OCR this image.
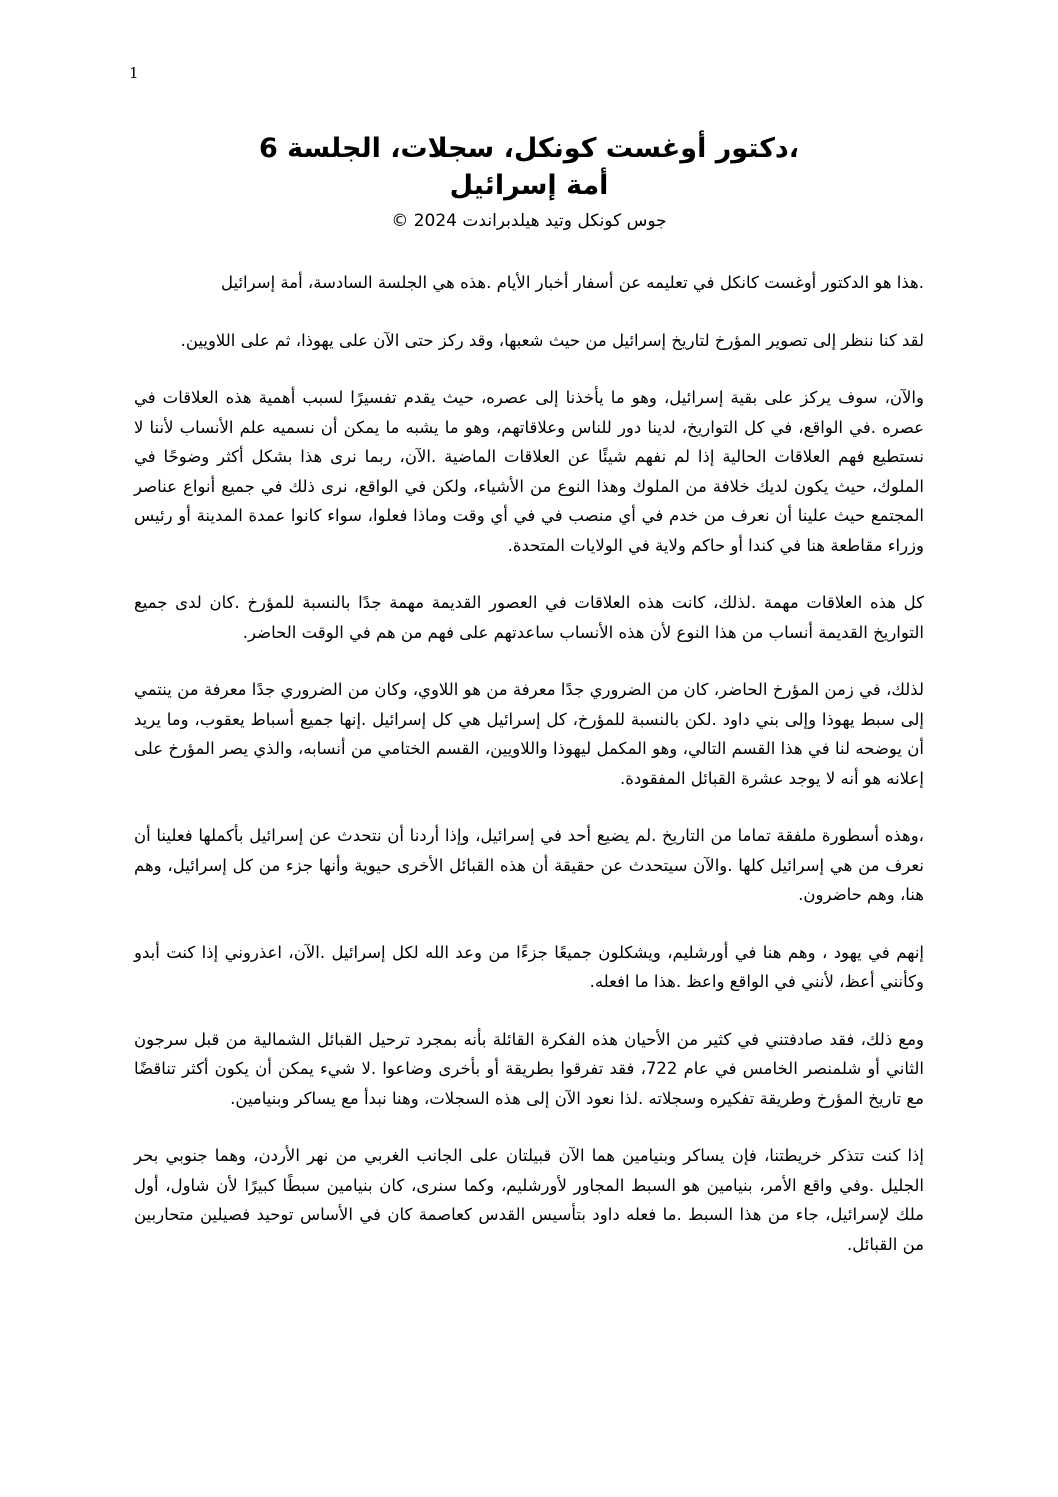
1
،دكتور أوغست كونكل، سجلات، الجلسة 6
أمة إسرائيل
جوس كونكل وتيد هيلدبراندت 2024 ©

.هذا هو الدكتور أوغست كانكل في تعليمه عن أسفار أخبار الأيام .هذه هي الجلسة السادسة، أمة إسرائيل

لقد كنا ننظر إلى تصوير المؤرخ لتاريخ إسرائيل من حيث شعبها، وقد ركز حتى الآن على يهوذا، ثم على اللاويين.

والآن، سوف يركز على بقية إسرائيل، وهو ما يأخذنا إلى عصره، حيث يقدم تفسيرًا لسبب أهمية هذه العلاقات في عصره .في الواقع، في كل التواريخ، لدينا دور للناس وعلاقاتهم، وهو ما يشبه ما يمكن أن نسميه علم الأنساب لأننا لا نستطيع فهم العلاقات الحالية إذا لم نفهم شيئًا عن العلاقات الماضية .الآن، ربما نرى هذا بشكل أكثر وضوحًا في الملوك، حيث يكون لديك خلافة من الملوك وهذا النوع من الأشياء، ولكن في الواقع، نرى ذلك في جميع أنواع عناصر المجتمع حيث علينا أن نعرف من خدم في أي منصب في في أي وقت وماذا فعلوا، سواء كانوا عمدة المدينة أو رئيس وزراء مقاطعة هنا في كندا أو حاكم ولاية في الولايات المتحدة.

كل هذه العلاقات مهمة .لذلك، كانت هذه العلاقات في العصور القديمة مهمة جدًا بالنسبة للمؤرخ .كان لدى جميع التواريخ القديمة أنساب من هذا النوع لأن هذه الأنساب ساعدتهم على فهم من هم في الوقت الحاضر.

لذلك، في زمن المؤرخ الحاضر، كان من الضروري جدًا معرفة من هو اللاوي، وكان من الضروري جدًا معرفة من ينتمي إلى سبط يهوذا وإلى بني داود .لكن بالنسبة للمؤرخ، كل إسرائيل هي كل إسرائيل .إنها جميع أسباط يعقوب، وما يريد أن يوضحه لنا في هذا القسم التالي، وهو المكمل ليهوذا واللاويين، القسم الختامي من أنسابه، والذي يصر المؤرخ على إعلانه هو أنه لا يوجد عشرة القبائل المفقودة.

،وهذه أسطورة ملفقة تماما من التاريخ .لم يضيع أحد في إسرائيل، وإذا أردنا أن نتحدث عن إسرائيل بأكملها فعلينا أن نعرف من هي إسرائيل كلها .والآن سيتحدث عن حقيقة أن هذه القبائل الأخرى حيوية وأنها جزء من كل إسرائيل، وهم هنا، وهم حاضرون.

إنهم في يهود ، وهم هنا في أورشليم، ويشكلون جميعًا جزءًا من وعد الله لكل إسرائيل .الآن، اعذروني إذا كنت أبدو وكأنني أعظ، لأنني في الواقع واعظ .هذا ما افعله.

ومع ذلك، فقد صادفتني في كثير من الأحيان هذه الفكرة القائلة بأنه بمجرد ترحيل القبائل الشمالية من قبل سرجون الثاني أو شلمنصر الخامس في عام 722، فقد تفرقوا بطريقة أو بأخرى وضاعوا .لا شيء يمكن أن يكون أكثر تناقضًا مع تاريخ المؤرخ وطريقة تفكيره وسجلاته .لذا نعود الآن إلى هذه السجلات، وهنا نبدأ مع يساكر وبنيامين.

إذا كنت تتذكر خريطتنا، فإن يساكر وبنيامين هما الآن قبيلتان على الجانب الغربي من نهر الأردن، وهما جنوبي بحر الجليل .وفي واقع الأمر، بنيامين هو السبط المجاور لأورشليم، وكما سنرى، كان بنيامين سبطًا كبيرًا لأن شاول، أول ملك لإسرائيل، جاء من هذا السبط .ما فعله داود بتأسيس القدس كعاصمة كان في الأساس توحيد فصيلين متحاربين من القبائل.
